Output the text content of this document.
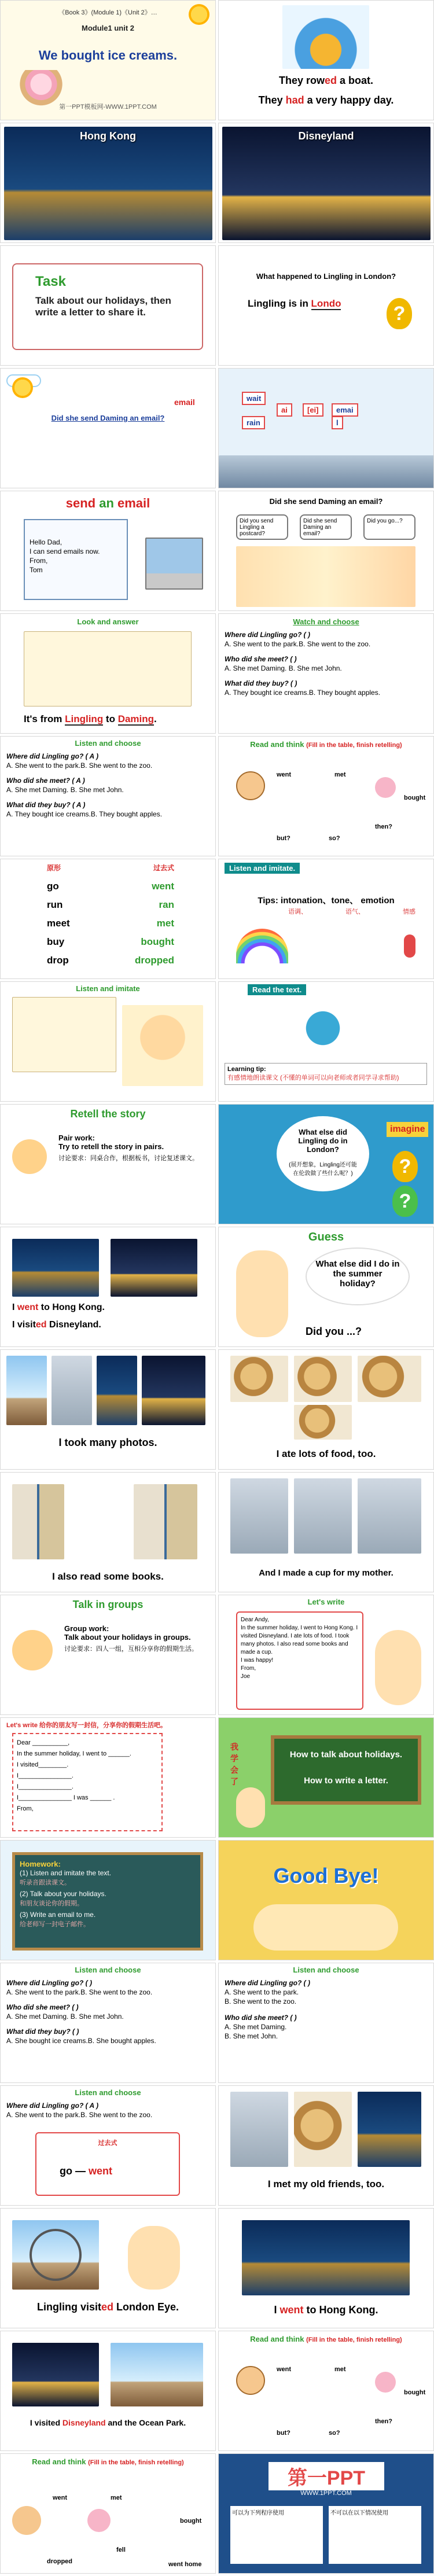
《Book 3》(Module 1)《Unit 2》…
Module1 unit 2
We bought ice creams.
第一PPT模板网-WWW.1PPT.COM
They rowed a boat.
They had a very happy day.
Hong Kong	Disneyland
Task
Talk about our holidays, then write a letter to share it.
What happened to Lingling in London?
Lingling is in Londo	?
email
Did she send Daming an email?
wait
ai	[ei]	emai
rain	l
send an email
Hello Dad,
I can send emails now.
From,
Tom
Did she send Daming an email?
Did you send Lingling a postcard?
Did she send Daming an email?
Did you go...?
Look and answer
It's from Lingling to Daming.
Watch and choose
Where did Lingling go? ( )
A. She went to the park.B. She went to the zoo.
Who did she meet? ( )
A. She met Daming. B. She met John.
What did they buy? ( )
A. They bought ice creams.B. They bought apples.
Listen and choose
Where did Lingling go? ( A )
A. She went to the park.B. She went to the zoo.
Who did she meet? ( A )
A. She met Daming. B. She met John.
What did they buy? ( A )
A. They bought ice creams.B. They bought apples.
Read and think (Fill in the table, finish retelling)
went	met
bought
but?	so?
then?
原形	过去式
go	went
run	ran
meet	met
buy	bought
drop	dropped
Listen and imitate.
Tips: intonation、tone、 emotion
语调、	语气、	情感
Listen and imitate	Read the text.
Learning tip:
有感情地朗读课文 (不懂的单词可以向老师或者同学寻求帮助)
Retell the story
Pair work:
Try to retell the story in pairs.
讨论要求：同桌合作，根据板书，讨论复述课文。
What else did Lingling do in London?
(展开想象，Lingling还可能在伦敦做了些什么呢？)
imagine
?
?
I went to Hong Kong.
I visited Disneyland.
Guess
What else did I do in the summer holiday?
Did you ...?
I took many photos.
I ate lots of food, too.
I also read some books.	And I made a cup for my mother.
Talk in groups
Group work:
Talk about your holidays in groups.
讨论要求：四人一组，互相分享你的假期生活。
Let's write
Dear Andy,
In the summer holiday, I went to Hong Kong. I visited Disneyland. I ate lots of food. I took many photos. I also read some books and made a cup.
I was happy!
From,
Joe
Let's write 给你的朋友写一封信，分享你的假期生活吧。
Dear __________,
In the summer holiday, I went to ______.
I visited________.
I_______________.
I_______________.
I_______________ I was ______ .
From,
How to talk about holidays.
How to write a letter.
我学会了
Homework:
(1) Listen and imitate the text.
听录音跟读课文。
(2) Talk about your holidays.
和朋友谈论你的假期。
(3) Write an email to me.
给老师写一封电子邮件。
Good Bye!
Listen and choose
Where did Lingling go? ( )
A. She went to the park.B. She went to the zoo.
Who did she meet? ( )
A. She met Daming. B. She met John.
What did they buy? ( )
A. She bought ice creams.B. She bought apples.
Listen and choose
Where did Lingling go? ( )
A. She went to the park.
B. She went to the zoo.
Who did she meet? ( )
A. She met Daming.
B. She met John.
Listen and choose
Where did Lingling go? ( A )
A. She went to the park.B. She went to the zoo.
过去式
go — went
I met my old friends, too.
Lingling visited London Eye.	I went to Hong Kong.
I visited Disneyland and the Ocean Park.
Read and think (Fill in the table, finish retelling)
went	met
bought
but?	so?
then?
Read and think (Fill in the table, finish retelling)
went	met
fell
bought
dropped	went home
第一PPT
WWW.1PPT.COM
可以为下列程序使用	不可以在以下情况使用
